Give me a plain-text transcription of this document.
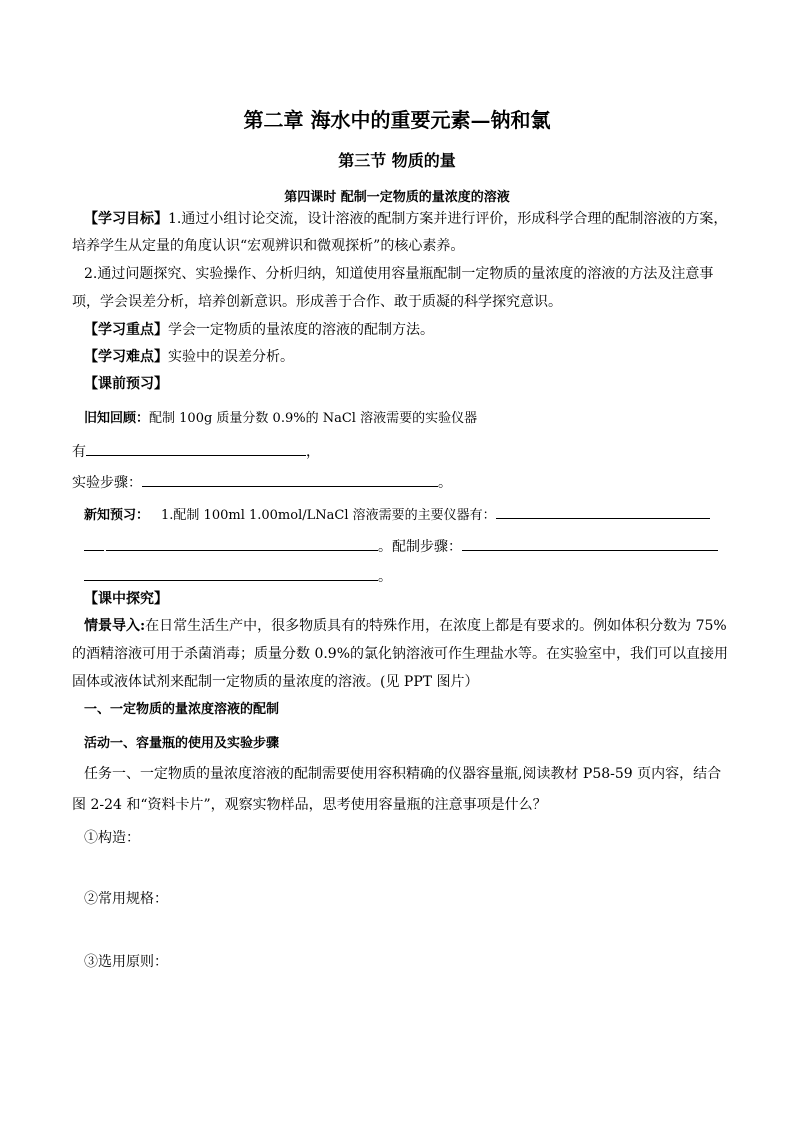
第二章 海水中的重要元素—钠和氯
第三节 物质的量
第四课时 配制一定物质的量浓度的溶液
【学习目标】1.通过小组讨论交流，设计溶液的配制方案并进行评价，形成科学合理的配制溶液的方案，
培养学生从定量的角度认识“宏观辨识和微观探析”的核心素养。
2.通过问题探究、实验操作、分析归纳，知道使用容量瓶配制一定物质的量浓度的溶液的方法及注意事
项，学会误差分析，培养创新意识。形成善于合作、敢于质凝的科学探究意识。
【学习重点】学会一定物质的量浓度的溶液的配制方法。
【学习难点】实验中的误差分析。
【课前预习】
旧知回顾：配制 100g 质量分数 0.9%的 NaCl 溶液需要的实验仪器
有	，
实验步骤：	。
新知预习： 1.配制 100ml 1.00mol/LNaCl 溶液需要的主要仪器有：
。配制步骤：
。
【课中探究】
情景导入:在日常生活生产中，很多物质具有的特殊作用，在浓度上都是有要求的。例如体积分数为 75%
的酒精溶液可用于杀菌消毒；质量分数 0.9%的氯化钠溶液可作生理盐水等。在实验室中，我们可以直接用
固体或液体试剂来配制一定物质的量浓度的溶液。(见 PPT 图片）
一、一定物质的量浓度溶液的配制
活动一、容量瓶的使用及实验步骤
任务一、一定物质的量浓度溶液的配制需要使用容积精确的仪器容量瓶,阅读教材 P58-59 页内容，结合
图 2-24 和“资料卡片”，观察实物样品，思考使用容量瓶的注意事项是什么？
①构造：
②常用规格：
③选用原则：
